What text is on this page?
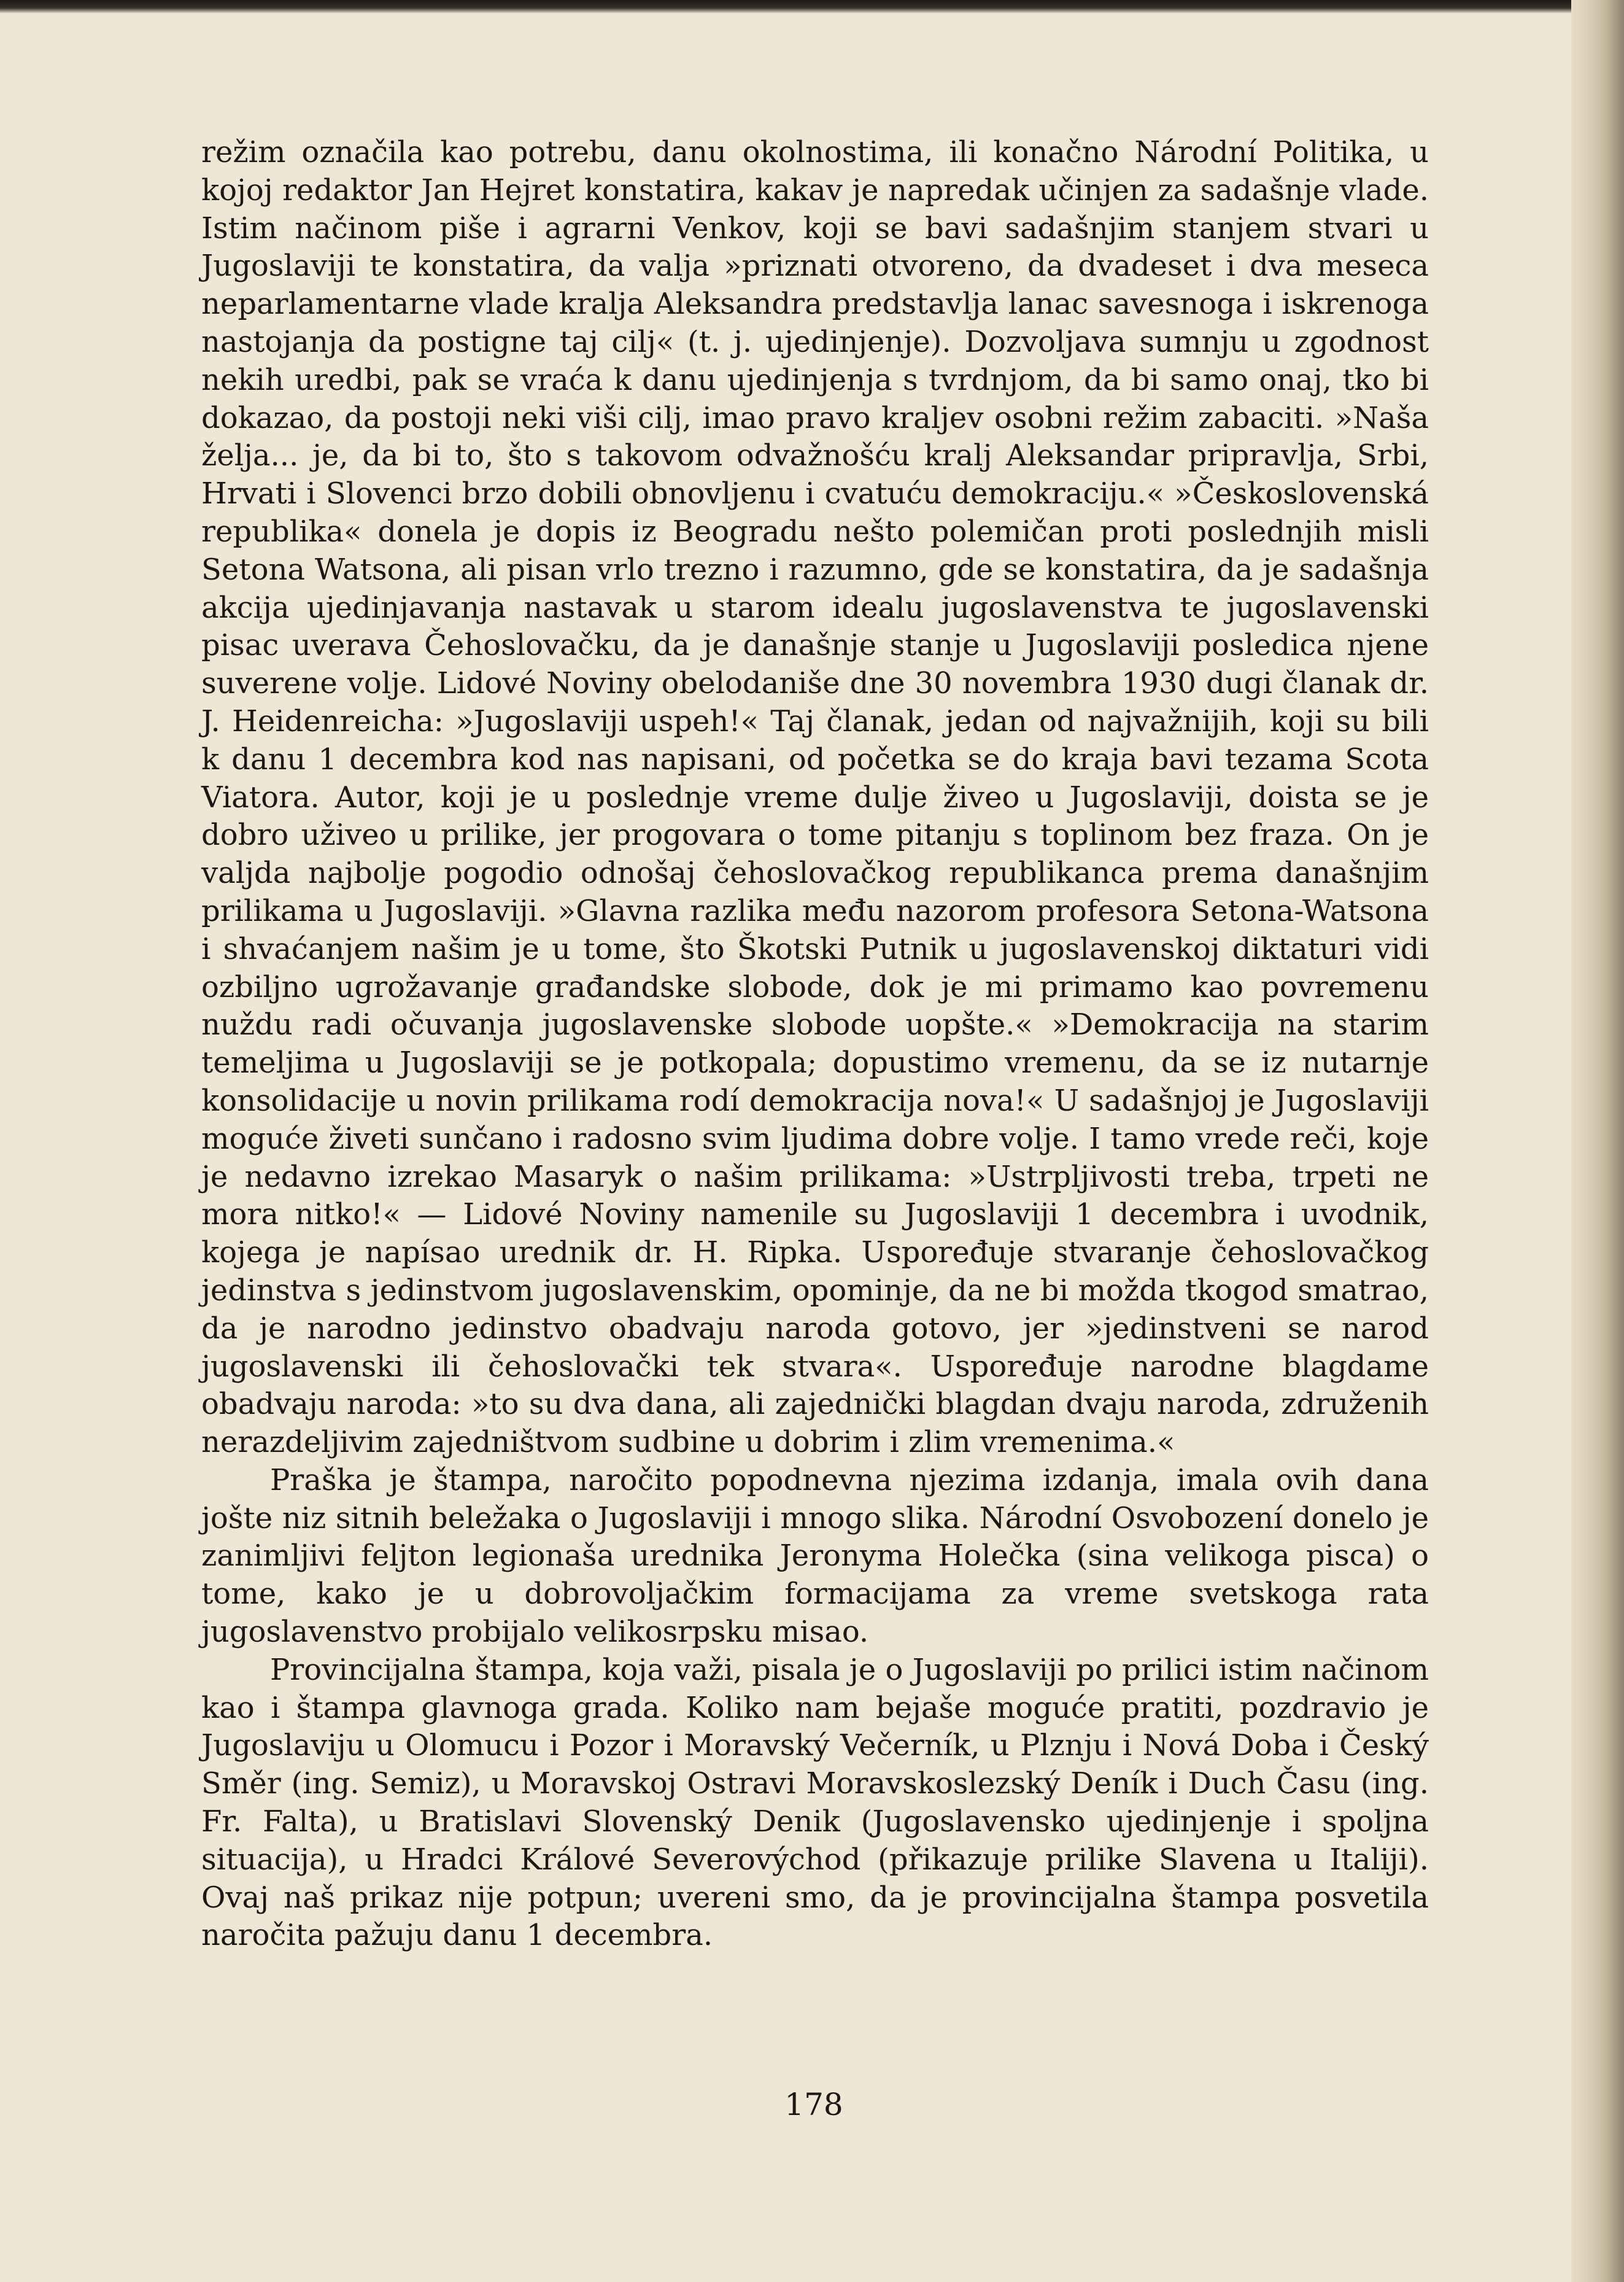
režim označila kao potrebu, danu okolnostima, ili konačno Národní Politika, u kojoj redaktor Jan Hejret konstatira, kakav je napredak učinjen za sadašnje vlade. Istim načinom piše i agrarni Venkov, koji se bavi sadašnjim stanjem stvari u Jugoslaviji te konstatira, da valja »priznati otvoreno, da dvadeset i dva meseca neparlamentarne vlade kralja Aleksandra predstavlja lanac savesnoga i iskrenoga nastojanja da postigne taj cilj« (t. j. ujedinjenje). Dozvoljava sumnju u zgodnost nekih uredbi, pak se vraća k danu ujedinjenja s tvrdnjom, da bi samo onaj, tko bi dokazao, da postoji neki viši cilj, imao pravo kraljev osobni režim zabaciti. »Naša želja... je, da bi to, što s takovom odvažnošću kralj Aleksandar pripravlja, Srbi, Hrvati i Slovenci brzo dobili obnovljenu i cvatuću demokraciju.« »Československá republika« donela je dopis iz Beogradu nešto polemičan proti poslednjih misli Setona Watsona, ali pisan vrlo trezno i razumno, gde se konstatira, da je sadašnja akcija ujedinjavanja nastavak u starom idealu jugoslavenstva te jugoslavenski pisac uverava Čehoslovačku, da je današnje stanje u Jugoslaviji posledica njene suverene volje. Lidové Noviny obelodaniše dne 30 novembra 1930 dugi članak dr. J. Heidenreicha: »Jugoslaviji uspeh!« Taj članak, jedan od najvažnijih, koji su bili k danu 1 decembra kod nas napisani, od početka se do kraja bavi tezama Scota Viatora. Autor, koji je u poslednje vreme dulje živeo u Jugoslaviji, doista se je dobro uživeo u prilike, jer progovara o tome pitanju s toplinom bez fraza. On je valjda najbolje pogodio odnošaj čehoslovačkog republikanca prema današnjim prilikama u Jugoslaviji. »Glavna razlika među nazorom profesora Setona-Watsona i shvaćanjem našim je u tome, što Škotski Putnik u jugoslavenskoj diktaturi vidi ozbiljno ugrožavanje građandske slobode, dok je mi primamo kao povremenu nuždu radi očuvanja jugoslavenske slobode uopšte.« »Demokracija na starim temeljima u Jugoslaviji se je potkopala; dopustimo vremenu, da se iz nutarnje konsolidacije u novin prilikama rodí demokracija nova!« U sadašnjoj je Jugoslaviji moguće živeti sunčano i radosno svim ljudima dobre volje. I tamo vrede reči, koje je nedavno izrekao Masaryk o našim prilikama: »Ustrpljivosti treba, trpeti ne mora nitko!« — Lidové Noviny namenile su Jugoslaviji 1 decembra i uvodnik, kojega je napísao urednik dr. H. Ripka. Uspoređuje stvaranje čehoslovačkog jedinstva s jedinstvom jugoslavenskim, opominje, da ne bi možda tkogod smatrao, da je narodno jedinstvo obadvaju naroda gotovo, jer »jedinstveni se narod jugoslavenski ili čehoslovački tek stvara«. Uspoređuje narodne blagdame obadvaju naroda: »to su dva dana, ali zajednički blagdan dvaju naroda, združenih nerazdeljivim zajedništvom sudbine u dobrim i zlim vremenima.«

Praška je štampa, naročito popodnevna njezima izdanja, imala ovih dana jošte niz sitnih beležaka o Jugoslaviji i mnogo slika. Národní Osvobození donelo je zanimljivi feljton legionaša urednika Jeronyma Holečka (sina velikoga pisca) o tome, kako je u dobrovoljačkim formacijama za vreme svetskoga rata jugoslavenstvo probijalo velikosrpsku misao.

Provincijalna štampa, koja važi, pisala je o Jugoslaviji po prilici istim načinom kao i štampa glavnoga grada. Koliko nam bejaše moguće pratiti, pozdravio je Jugoslaviju u Olomucu i Pozor i Moravský Večerník, u Plznju i Nová Doba i Český Směr (ing. Semiz), u Moravskoj Ostravi Moravskoslezský Deník i Duch Času (ing. Fr. Falta), u Bratislavi Slovenský Denik (Jugoslavensko ujedinjenje i spoljna situacija), u Hradci Králové Severovýchod (přikazuje prilike Slavena u Italiji). Ovaj naš prikaz nije potpun; uvereni smo, da je provincijalna štampa posvetila naročita pažuju danu 1 decembra.

178
